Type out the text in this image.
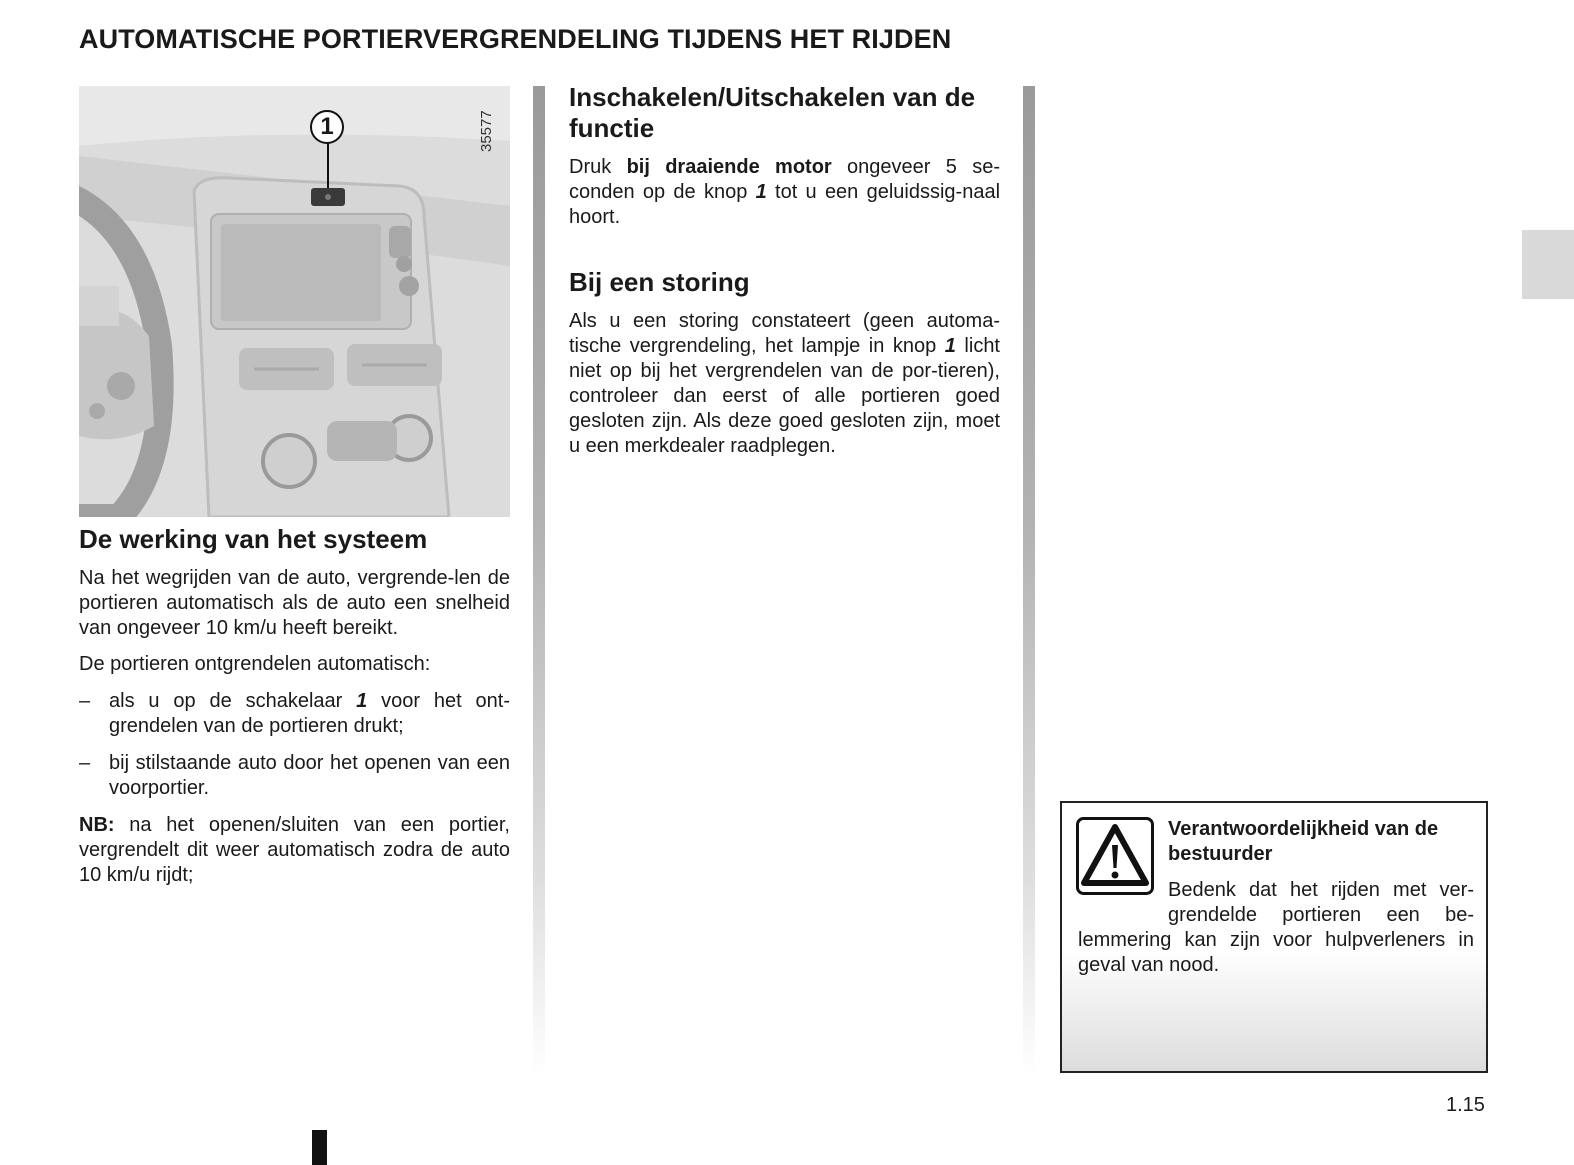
AUTOMATISCHE PORTIERVERGRENDELING TIJDENS HET RIJDEN
1	35577
De werking van het systeem

Na het wegrijden van de auto, vergrende-len de portieren automatisch als de auto een snelheid van ongeveer 10 km/u heeft bereikt.

De portieren ontgrendelen automatisch:

– als u op de schakelaar 1 voor het ont-grendelen van de portieren drukt;

– bij stilstaande auto door het openen van een voorportier.

NB: na het openen/sluiten van een portier, vergrendelt dit weer automatisch zodra de auto 10 km/u rijdt;

Inschakelen/Uitschakelen van de functie

Druk bij draaiende motor ongeveer 5 se-conden op de knop 1 tot u een geluidssig-naal hoort.

Bij een storing

Als u een storing constateert (geen automa-tische vergrendeling, het lampje in knop 1 licht niet op bij het vergrendelen van de por-tieren), controleer dan eerst of alle portieren goed gesloten zijn. Als deze goed gesloten zijn, moet u een merkdealer raadplegen.

Verantwoordelijkheid van de bestuurder

Bedenk dat het rijden met ver-grendelde portieren een be-lemmering kan zijn voor hulpverleners in geval van nood.

1.15
